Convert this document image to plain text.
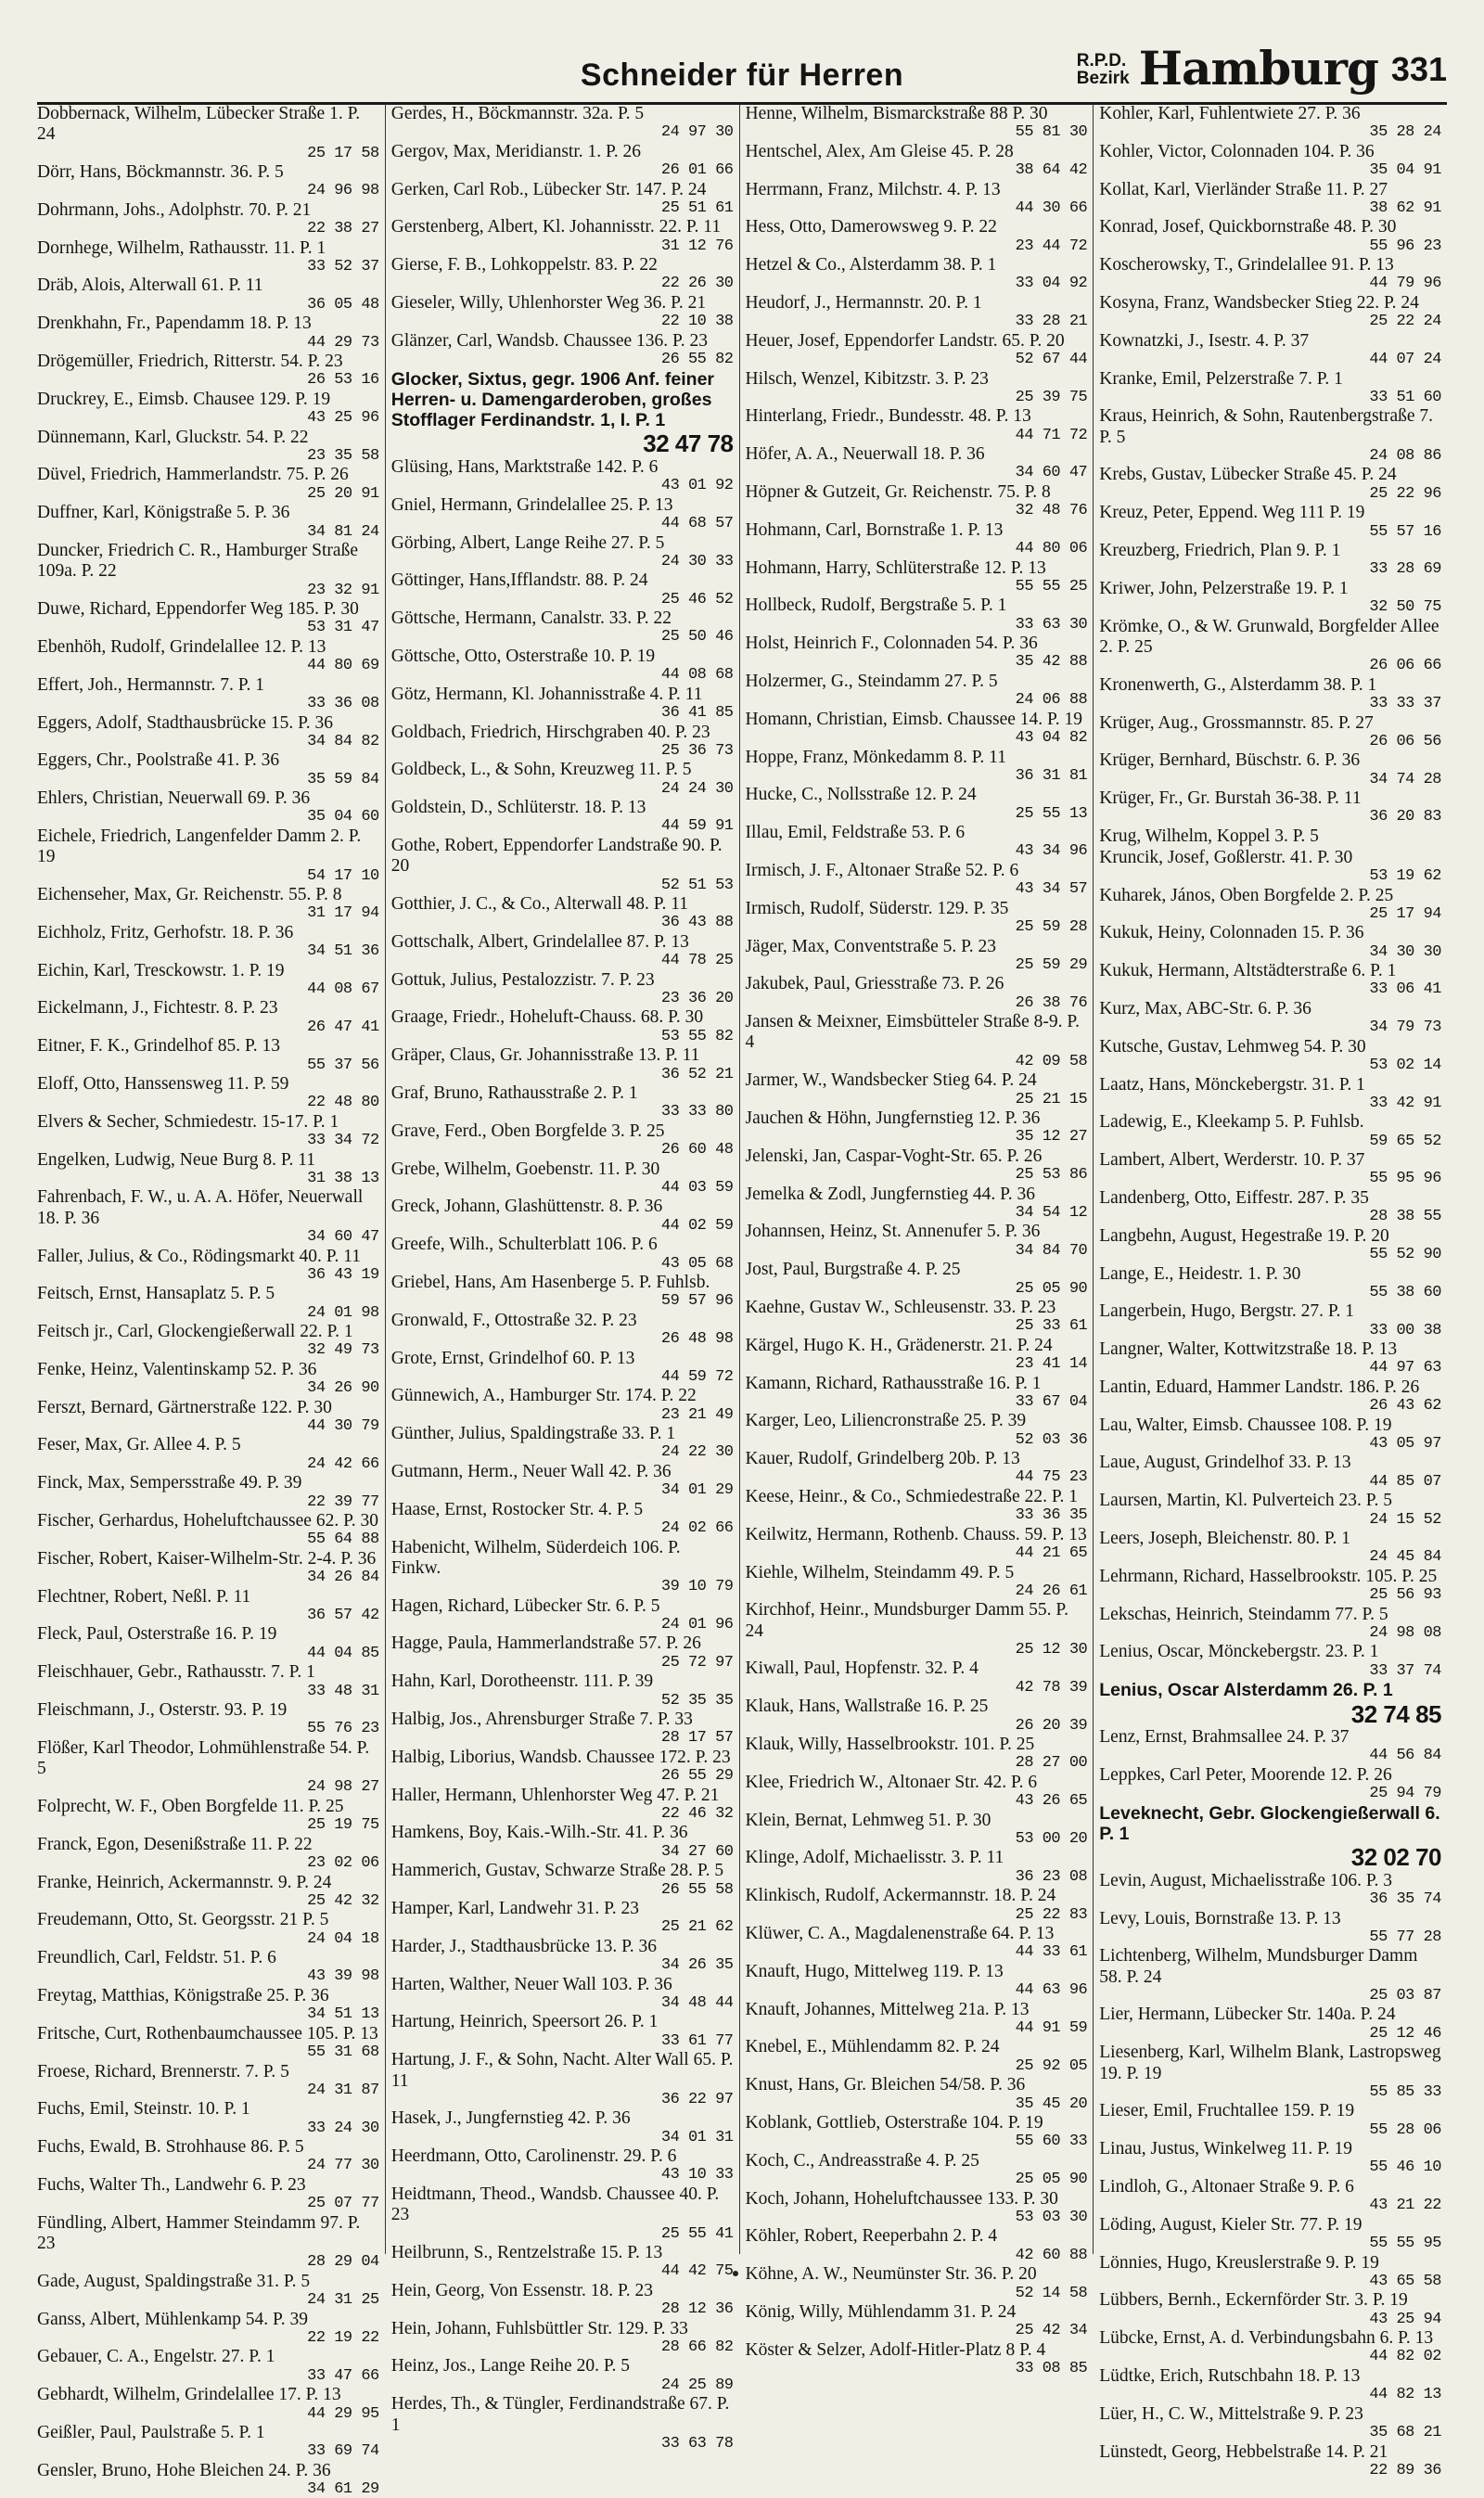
Schneider für Herren	R.P.D.
Bezirk Hamburg 331
Dobbernack, Wilhelm, Lübecker Straße 1. P. 24
25 17 58
Dörr, Hans, Böckmannstr. 36. P. 5
24 96 98
Dohrmann, Johs., Adolphstr. 70. P. 21
22 38 27
Dornhege, Wilhelm, Rathausstr. 11. P. 1
33 52 37
Dräb, Alois, Alterwall 61. P. 11
36 05 48
Drenkhahn, Fr., Papendamm 18. P. 13
44 29 73
Drögemüller, Friedrich, Ritterstr. 54. P. 23
26 53 16
Druckrey, E., Eimsb. Chausee 129. P. 19
43 25 96
Dünnemann, Karl, Gluckstr. 54. P. 22
23 35 58
Düvel, Friedrich, Hammerlandstr. 75. P. 26
25 20 91
Duffner, Karl, Königstraße 5. P. 36
34 81 24
Duncker, Friedrich C. R., Hamburger Straße 109a. P. 22
23 32 91
Duwe, Richard, Eppendorfer Weg 185. P. 30
53 31 47
Ebenhöh, Rudolf, Grindelallee 12. P. 13
44 80 69
Effert, Joh., Hermannstr. 7. P. 1
33 36 08
Eggers, Adolf, Stadthausbrücke 15. P. 36
34 84 82
Eggers, Chr., Poolstraße 41. P. 36
35 59 84
Ehlers, Christian, Neuerwall 69. P. 36
35 04 60
Eichele, Friedrich, Langenfelder Damm 2. P. 19
54 17 10
Eichenseher, Max, Gr. Reichenstr. 55. P. 8
31 17 94
Eichholz, Fritz, Gerhofstr. 18. P. 36
34 51 36
Eichin, Karl, Tresckowstr. 1. P. 19
44 08 67
Eickelmann, J., Fichtestr. 8. P. 23
26 47 41
Eitner, F. K., Grindelhof 85. P. 13
55 37 56
Eloff, Otto, Hanssensweg 11. P. 59
22 48 80
Elvers & Secher, Schmiedestr. 15-17. P. 1
33 34 72
Engelken, Ludwig, Neue Burg 8. P. 11
31 38 13
Fahrenbach, F. W., u. A. A. Höfer, Neuerwall 18. P. 36
34 60 47
Faller, Julius, & Co., Rödingsmarkt 40. P. 11
36 43 19
Feitsch, Ernst, Hansaplatz 5. P. 5
24 01 98
Feitsch jr., Carl, Glockengießerwall 22. P. 1
32 49 73
Fenke, Heinz, Valentinskamp 52. P. 36
34 26 90
Ferszt, Bernard, Gärtnerstraße 122. P. 30
44 30 79
Feser, Max, Gr. Allee 4. P. 5
24 42 66
Finck, Max, Sempersstraße 49. P. 39
22 39 77
Fischer, Gerhardus, Hoheluftchaussee 62. P. 30
55 64 88
Fischer, Robert, Kaiser-Wilhelm-Str. 2-4. P. 36
34 26 84
Flechtner, Robert, Neßl. P. 11
36 57 42
Fleck, Paul, Osterstraße 16. P. 19
44 04 85
Fleischhauer, Gebr., Rathausstr. 7. P. 1
33 48 31
Fleischmann, J., Osterstr. 93. P. 19
55 76 23
Flößer, Karl Theodor, Lohmühlenstraße 54. P. 5
24 98 27
Folprecht, W. F., Oben Borgfelde 11. P. 25
25 19 75
Franck, Egon, Desenißstraße 11. P. 22
23 02 06
Franke, Heinrich, Ackermannstr. 9. P. 24
25 42 32
Freudemann, Otto, St. Georgsstr. 21 P. 5
24 04 18
Freundlich, Carl, Feldstr. 51. P. 6
43 39 98
Freytag, Matthias, Königstraße 25. P. 36
34 51 13
Fritsche, Curt, Rothenbaumchaussee 105. P. 13
55 31 68
Froese, Richard, Brennerstr. 7. P. 5
24 31 87
Fuchs, Emil, Steinstr. 10. P. 1
33 24 30
Fuchs, Ewald, B. Strohhause 86. P. 5
24 77 30
Fuchs, Walter Th., Landwehr 6. P. 23
25 07 77
Fündling, Albert, Hammer Steindamm 97. P. 23
28 29 04
Gade, August, Spaldingstraße 31. P. 5
24 31 25
Ganss, Albert, Mühlenkamp 54. P. 39
22 19 22
Gebauer, C. A., Engelstr. 27. P. 1
33 47 66
Gebhardt, Wilhelm, Grindelallee 17. P. 13
44 29 95
Geißler, Paul, Paulstraße 5. P. 1
33 69 74
Gensler, Bruno, Hohe Bleichen 24. P. 36
34 61 29
Gerdes, H., Böckmannstr. 32a. P. 5
24 97 30
Gergov, Max, Meridianstr. 1. P. 26
26 01 66
Gerken, Carl Rob., Lübecker Str. 147. P. 24
25 51 61
Gerstenberg, Albert, Kl. Johannisstr. 22. P. 11
31 12 76
Gierse, F. B., Lohkoppelstr. 83. P. 22
22 26 30
Gieseler, Willy, Uhlenhorster Weg 36. P. 21
22 10 38
Glänzer, Carl, Wandsb. Chaussee 136. P. 23
26 55 82
Glocker, Sixtus, gegr. 1906 Anf. feiner Herren- u. Damengarderoben, großes Stofflager Ferdinandstr. 1, I. P. 1
32 47 78
Glüsing, Hans, Marktstraße 142. P. 6
43 01 92
Gniel, Hermann, Grindelallee 25. P. 13
44 68 57
Görbing, Albert, Lange Reihe 27. P. 5
24 30 33
Göttinger, Hans,Ifflandstr. 88. P. 24
25 46 52
Göttsche, Hermann, Canalstr. 33. P. 22
25 50 46
Göttsche, Otto, Osterstraße 10. P. 19
44 08 68
Götz, Hermann, Kl. Johannisstraße 4. P. 11
36 41 85
Goldbach, Friedrich, Hirschgraben 40. P. 23
25 36 73
Goldbeck, L., & Sohn, Kreuzweg 11. P. 5
24 24 30
Goldstein, D., Schlüterstr. 18. P. 13
44 59 91
Gothe, Robert, Eppendorfer Landstraße 90. P. 20
52 51 53
Gotthier, J. C., & Co., Alterwall 48. P. 11
36 43 88
Gottschalk, Albert, Grindelallee 87. P. 13
44 78 25
Gottuk, Julius, Pestalozzistr. 7. P. 23
23 36 20
Graage, Friedr., Hoheluft-Chauss. 68. P. 30
53 55 82
Gräper, Claus, Gr. Johannisstraße 13. P. 11
36 52 21
Graf, Bruno, Rathausstraße 2. P. 1
33 33 80
Grave, Ferd., Oben Borgfelde 3. P. 25
26 60 48
Grebe, Wilhelm, Goebenstr. 11. P. 30
44 03 59
Greck, Johann, Glashüttenstr. 8. P. 36
44 02 59
Greefe, Wilh., Schulterblatt 106. P. 6
43 05 68
Griebel, Hans, Am Hasenberge 5. P. Fuhlsb.
59 57 96
Gronwald, F., Ottostraße 32. P. 23
26 48 98
Grote, Ernst, Grindelhof 60. P. 13
44 59 72
Günnewich, A., Hamburger Str. 174. P. 22
23 21 49
Günther, Julius, Spaldingstraße 33. P. 1
24 22 30
Gutmann, Herm., Neuer Wall 42. P. 36
34 01 29
Haase, Ernst, Rostocker Str. 4. P. 5
24 02 66
Habenicht, Wilhelm, Süderdeich 106. P. Finkw.
39 10 79
Hagen, Richard, Lübecker Str. 6. P. 5
24 01 96
Hagge, Paula, Hammerlandstraße 57. P. 26
25 72 97
Hahn, Karl, Dorotheenstr. 111. P. 39
52 35 35
Halbig, Jos., Ahrensburger Straße 7. P. 33
28 17 57
Halbig, Liborius, Wandsb. Chaussee 172. P. 23
26 55 29
Haller, Hermann, Uhlenhorster Weg 47. P. 21
22 46 32
Hamkens, Boy, Kais.-Wilh.-Str. 41. P. 36
34 27 60
Hammerich, Gustav, Schwarze Straße 28. P. 5
26 55 58
Hamper, Karl, Landwehr 31. P. 23
25 21 62
Harder, J., Stadthausbrücke 13. P. 36
34 26 35
Harten, Walther, Neuer Wall 103. P. 36
34 48 44
Hartung, Heinrich, Speersort 26. P. 1
33 61 77
Hartung, J. F., & Sohn, Nacht. Alter Wall 65. P. 11
36 22 97
Hasek, J., Jungfernstieg 42. P. 36
34 01 31
Heerdmann, Otto, Carolinenstr. 29. P. 6
43 10 33
Heidtmann, Theod., Wandsb. Chaussee 40. P. 23
25 55 41
Heilbrunn, S., Rentzelstraße 15. P. 13
44 42 75
Hein, Georg, Von Essenstr. 18. P. 23
28 12 36
Hein, Johann, Fuhlsbüttler Str. 129. P. 33
28 66 82
Heinz, Jos., Lange Reihe 20. P. 5
24 25 89
Herdes, Th., & Tüngler, Ferdinandstraße 67. P. 1
33 63 78
Henne, Wilhelm, Bismarckstraße 88 P. 30
55 81 30
Hentschel, Alex, Am Gleise 45. P. 28
38 64 42
Herrmann, Franz, Milchstr. 4. P. 13
44 30 66
Hess, Otto, Damerowsweg 9. P. 22
23 44 72
Hetzel & Co., Alsterdamm 38. P. 1
33 04 92
Heudorf, J., Hermannstr. 20. P. 1
33 28 21
Heuer, Josef, Eppendorfer Landstr. 65. P. 20
52 67 44
Hilsch, Wenzel, Kibitzstr. 3. P. 23
25 39 75
Hinterlang, Friedr., Bundesstr. 48. P. 13
44 71 72
Höfer, A. A., Neuerwall 18. P. 36
34 60 47
Höpner & Gutzeit, Gr. Reichenstr. 75. P. 8
32 48 76
Hohmann, Carl, Bornstraße 1. P. 13
44 80 06
Hohmann, Harry, Schlüterstraße 12. P. 13
55 55 25
Hollbeck, Rudolf, Bergstraße 5. P. 1
33 63 30
Holst, Heinrich F., Colonnaden 54. P. 36
35 42 88
Holzermer, G., Steindamm 27. P. 5
24 06 88
Homann, Christian, Eimsb. Chaussee 14. P. 19
43 04 82
Hoppe, Franz, Mönkedamm 8. P. 11
36 31 81
Hucke, C., Nollsstraße 12. P. 24
25 55 13
Illau, Emil, Feldstraße 53. P. 6
43 34 96
Irmisch, J. F., Altonaer Straße 52. P. 6
43 34 57
Irmisch, Rudolf, Süderstr. 129. P. 35
25 59 28
Jäger, Max, Conventstraße 5. P. 23
25 59 29
Jakubek, Paul, Griesstraße 73. P. 26
26 38 76
Jansen & Meixner, Eimsbütteler Straße 8-9. P. 4
42 09 58
Jarmer, W., Wandsbecker Stieg 64. P. 24
25 21 15
Jauchen & Höhn, Jungfernstieg 12. P. 36
35 12 27
Jelenski, Jan, Caspar-Voght-Str. 65. P. 26
25 53 86
Jemelka & Zodl, Jungfernstieg 44. P. 36
34 54 12
Johannsen, Heinz, St. Annenufer 5. P. 36
34 84 70
Jost, Paul, Burgstraße 4. P. 25
25 05 90
Kaehne, Gustav W., Schleusenstr. 33. P. 23
25 33 61
Kärgel, Hugo K. H., Grädenerstr. 21. P. 24
23 41 14
Kamann, Richard, Rathausstraße 16. P. 1
33 67 04
Karger, Leo, Liliencronstraße 25. P. 39
52 03 36
Kauer, Rudolf, Grindelberg 20b. P. 13
44 75 23
Keese, Heinr., & Co., Schmiedestraße 22. P. 1
33 36 35
Keilwitz, Hermann, Rothenb. Chauss. 59. P. 13
44 21 65
Kiehle, Wilhelm, Steindamm 49. P. 5
24 26 61
Kirchhof, Heinr., Mundsburger Damm 55. P. 24
25 12 30
Kiwall, Paul, Hopfenstr. 32. P. 4
42 78 39
Klauk, Hans, Wallstraße 16. P. 25
26 20 39
Klauk, Willy, Hasselbrookstr. 101. P. 25
28 27 00
Klee, Friedrich W., Altonaer Str. 42. P. 6
43 26 65
Klein, Bernat, Lehmweg 51. P. 30
53 00 20
Klinge, Adolf, Michaelisstr. 3. P. 11
36 23 08
Klinkisch, Rudolf, Ackermannstr. 18. P. 24
25 22 83
Klüwer, C. A., Magdalenenstraße 64. P. 13
44 33 61
Knauft, Hugo, Mittelweg 119. P. 13
44 63 96
Knauft, Johannes, Mittelweg 21a. P. 13
44 91 59
Knebel, E., Mühlendamm 82. P. 24
25 92 05
Knust, Hans, Gr. Bleichen 54/58. P. 36
35 45 20
Koblank, Gottlieb, Osterstraße 104. P. 19
55 60 33
Koch, C., Andreasstraße 4. P. 25
25 05 90
Koch, Johann, Hoheluftchaussee 133. P. 30
53 03 30
Köhler, Robert, Reeperbahn 2. P. 4
42 60 88
Köhne, A. W., Neumünster Str. 36. P. 20
52 14 58
König, Willy, Mühlendamm 31. P. 24
25 42 34
Köster & Selzer, Adolf-Hitler-Platz 8 P. 4
33 08 85
Kohler, Karl, Fuhlentwiete 27. P. 36
35 28 24
Kohler, Victor, Colonnaden 104. P. 36
35 04 91
Kollat, Karl, Vierländer Straße 11. P. 27
38 62 91
Konrad, Josef, Quickbornstraße 48. P. 30
55 96 23
Koscherowsky, T., Grindelallee 91. P. 13
44 79 96
Kosyna, Franz, Wandsbecker Stieg 22. P. 24
25 22 24
Kownatzki, J., Isestr. 4. P. 37
44 07 24
Kranke, Emil, Pelzerstraße 7. P. 1
33 51 60
Kraus, Heinrich, & Sohn, Rautenbergstraße 7. P. 5
24 08 86
Krebs, Gustav, Lübecker Straße 45. P. 24
25 22 96
Kreuz, Peter, Eppend. Weg 111 P. 19
55 57 16
Kreuzberg, Friedrich, Plan 9. P. 1
33 28 69
Kriwer, John, Pelzerstraße 19. P. 1
32 50 75
Krömke, O., & W. Grunwald, Borgfelder Allee 2. P. 25
26 06 66
Kronenwerth, G., Alsterdamm 38. P. 1
33 33 37
Krüger, Aug., Grossmannstr. 85. P. 27
26 06 56
Krüger, Bernhard, Büschstr. 6. P. 36
34 74 28
Krüger, Fr., Gr. Burstah 36-38. P. 11
36 20 83
Krug, Wilhelm, Koppel 3. P. 5
Kruncik, Josef, Goßlerstr. 41. P. 30
53 19 62
Kuharek, János, Oben Borgfelde 2. P. 25
25 17 94
Kukuk, Heiny, Colonnaden 15. P. 36
34 30 30
Kukuk, Hermann, Altstädterstraße 6. P. 1
33 06 41
Kurz, Max, ABC-Str. 6. P. 36
34 79 73
Kutsche, Gustav, Lehmweg 54. P. 30
53 02 14
Laatz, Hans, Mönckebergstr. 31. P. 1
33 42 91
Ladewig, E., Kleekamp 5. P. Fuhlsb.
59 65 52
Lambert, Albert, Werderstr. 10. P. 37
55 95 96
Landenberg, Otto, Eiffestr. 287. P. 35
28 38 55
Langbehn, August, Hegestraße 19. P. 20
55 52 90
Lange, E., Heidestr. 1. P. 30
55 38 60
Langerbein, Hugo, Bergstr. 27. P. 1
33 00 38
Langner, Walter, Kottwitzstraße 18. P. 13
44 97 63
Lantin, Eduard, Hammer Landstr. 186. P. 26
26 43 62
Lau, Walter, Eimsb. Chaussee 108. P. 19
43 05 97
Laue, August, Grindelhof 33. P. 13
44 85 07
Laursen, Martin, Kl. Pulverteich 23. P. 5
24 15 52
Leers, Joseph, Bleichenstr. 80. P. 1
24 45 84
Lehrmann, Richard, Hasselbrookstr. 105. P. 25
25 56 93
Lekschas, Heinrich, Steindamm 77. P. 5
24 98 08
Lenius, Oscar, Mönckebergstr. 23. P. 1
33 37 74
Lenius, Oscar Alsterdamm 26. P. 1
32 74 85
Lenz, Ernst, Brahmsallee 24. P. 37
44 56 84
Leppkes, Carl Peter, Moorende 12. P. 26
25 94 79
Leveknecht, Gebr. Glockengießerwall 6. P. 1
32 02 70
Levin, August, Michaelisstraße 106. P. 3
36 35 74
Levy, Louis, Bornstraße 13. P. 13
55 77 28
Lichtenberg, Wilhelm, Mundsburger Damm 58. P. 24
25 03 87
Lier, Hermann, Lübecker Str. 140a. P. 24
25 12 46
Liesenberg, Karl, Wilhelm Blank, Lastropsweg 19. P. 19
55 85 33
Lieser, Emil, Fruchtallee 159. P. 19
55 28 06
Linau, Justus, Winkelweg 11. P. 19
55 46 10
Lindloh, G., Altonaer Straße 9. P. 6
43 21 22
Löding, August, Kieler Str. 77. P. 19
55 55 95
Lönnies, Hugo, Kreuslerstraße 9. P. 19
43 65 58
Lübbers, Bernh., Eckernförder Str. 3. P. 19
43 25 94
Lübcke, Ernst, A. d. Verbindungsbahn 6. P. 13
44 82 02
Lüdtke, Erich, Rutschbahn 18. P. 13
44 82 13
Lüer, H., C. W., Mittelstraße 9. P. 23
35 68 21
Lünstedt, Georg, Hebbelstraße 14. P. 21
22 89 36
